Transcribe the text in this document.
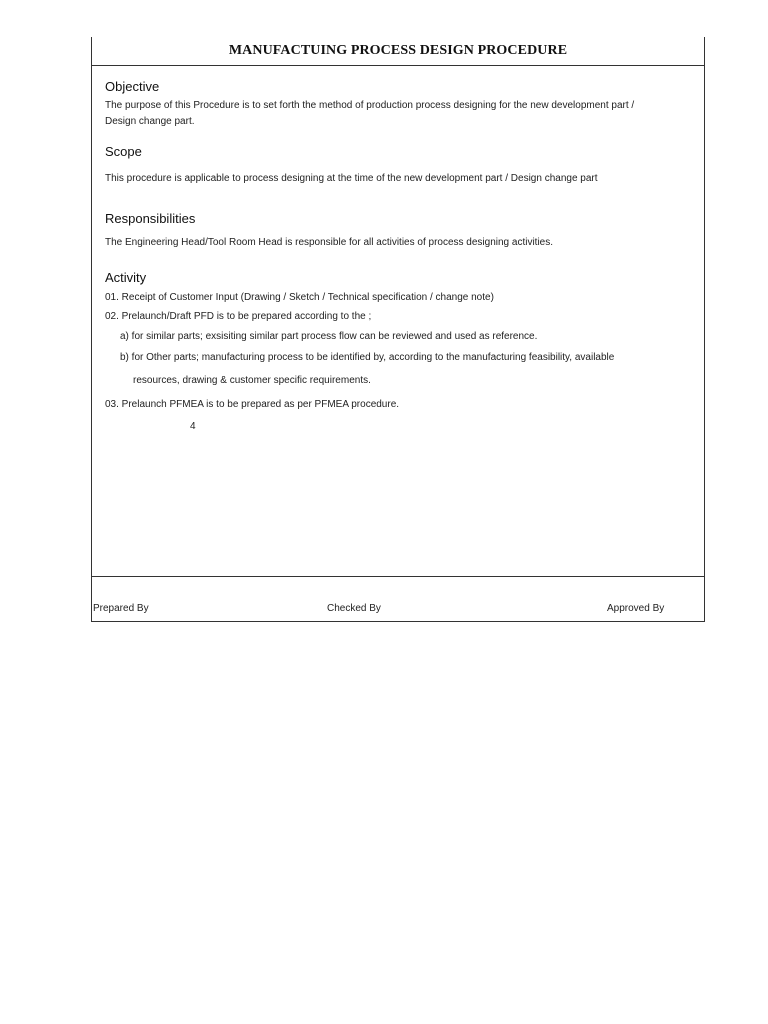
MANUFACTUING PROCESS DESIGN PROCEDURE
Objective
The purpose of this Procedure is to set forth the method of production process designing for the new development part /
Design change part.
Scope
This procedure is applicable to process designing at the time of the new development part / Design change part
Responsibilities
The Engineering Head/Tool Room Head is responsible for all activities of process designing activities.
Activity
01. Receipt of Customer Input (Drawing / Sketch / Technical specification / change note)
02. Prelaunch/Draft PFD is to be prepared according to the ;
a) for similar parts; exsisiting similar part process flow can be reviewed and used as reference.
b) for Other parts; manufacturing process to be identified by, according to the manufacturing feasibility, available
resources, drawing & customer specific requirements.
03. Prelaunch PFMEA is to be prepared as per PFMEA procedure.
4
Prepared By	Checked By	Approved By
